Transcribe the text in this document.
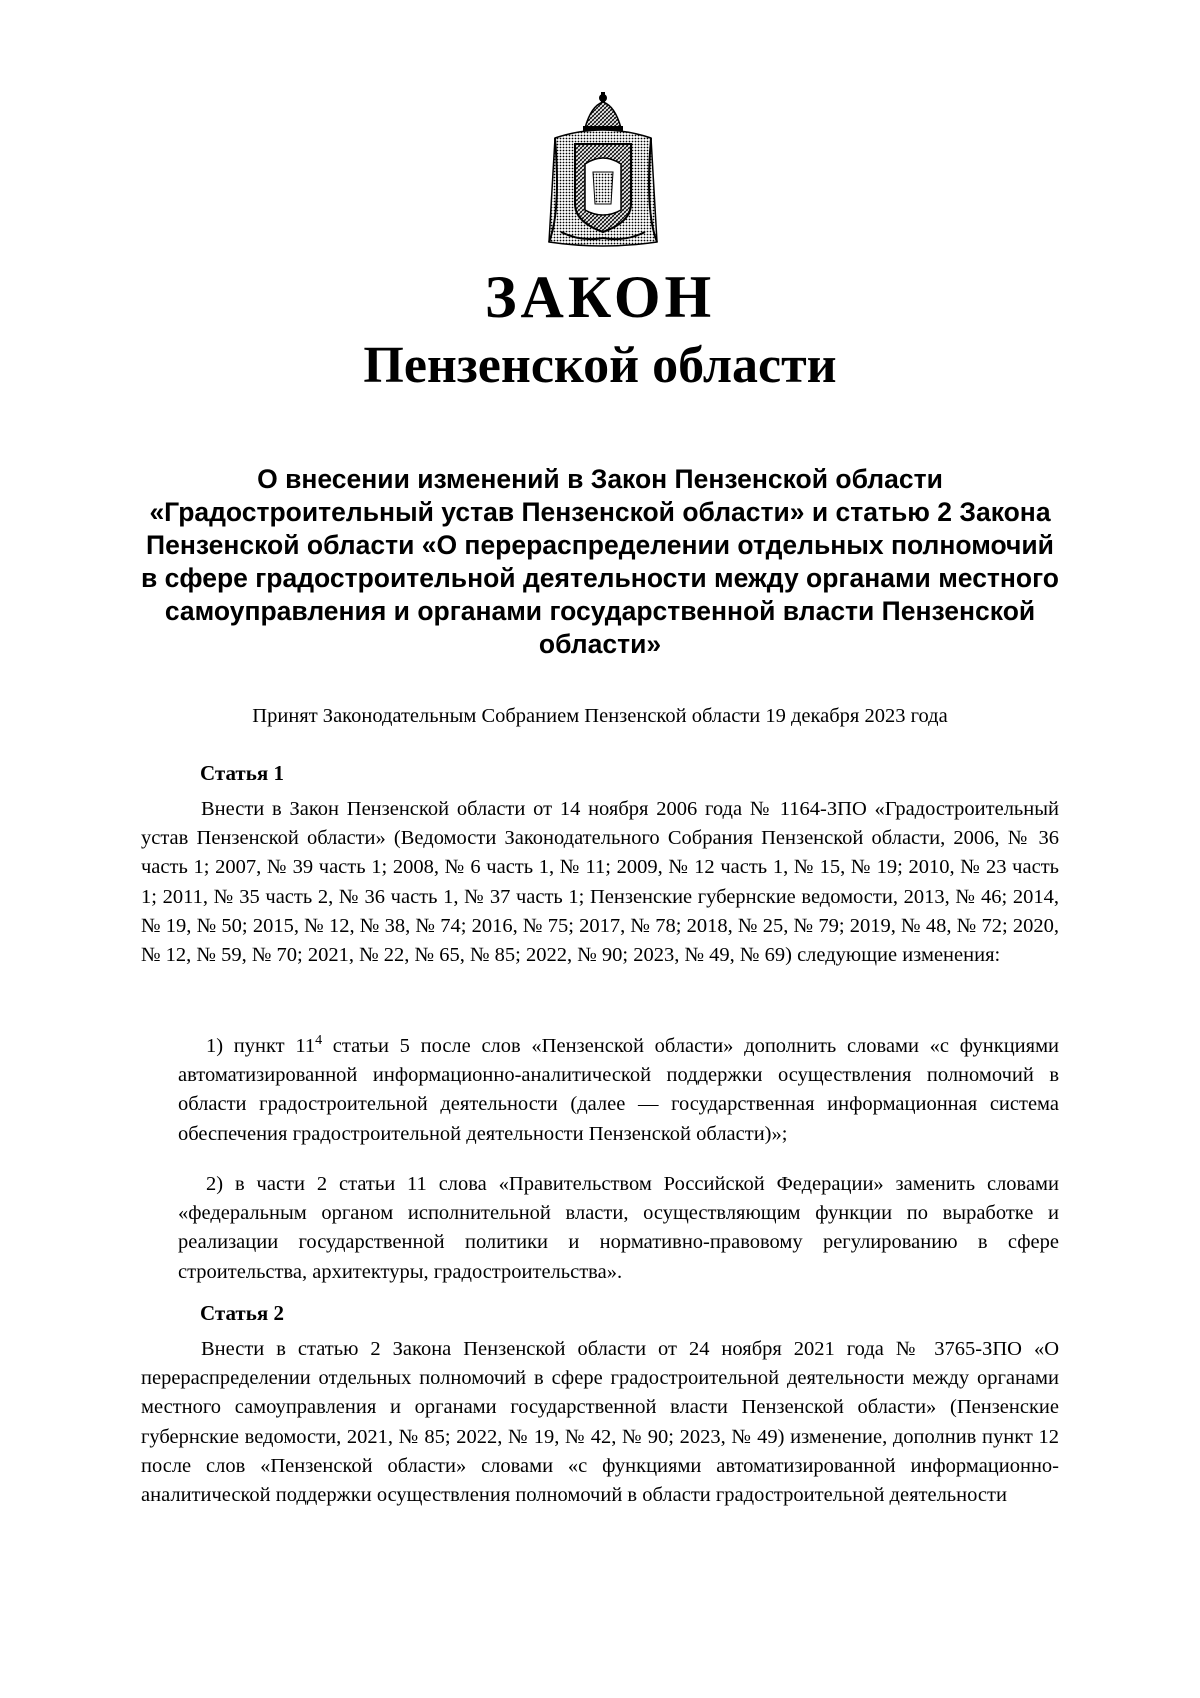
ЗАКОН
Пензенской области
О внесении изменений в Закон Пензенской области «Градостроительный устав Пензенской области» и статью 2 Закона Пензенской области «О перераспределении отдельных полномочий в сфере градостроительной деятельности между органами местного самоуправления и органами государственной власти Пензенской области»
Принят Законодательным Собранием Пензенской области 19 декабря 2023 года
Статья 1

Внести в Закон Пензенской области от 14 ноября 2006 года № 1164-ЗПО «Градостроительный устав Пензенской области» (Ведомости Законодательного Собрания Пензенской области, 2006, № 36 часть 1; 2007, № 39 часть 1; 2008, № 6 часть 1, № 11; 2009, № 12 часть 1, № 15, № 19; 2010, № 23 часть 1; 2011, № 35 часть 2, № 36 часть 1, № 37 часть 1; Пензенские губернские ведомости, 2013, № 46; 2014, № 19, № 50; 2015, № 12, № 38, № 74; 2016, № 75; 2017, № 78; 2018, № 25, № 79; 2019, № 48, № 72; 2020, № 12, № 59, № 70; 2021, № 22, № 65, № 85; 2022, № 90; 2023, № 49, № 69) следующие изменения:

1) пункт $11^4$ статьи 5 после слов «Пензенской области» дополнить словами «с функциями автоматизированной информационно-аналитической поддержки осуществления полномочий в области градостроительной деятельности (далее — государственная информационная система обеспечения градостроительной деятельности Пензенской области)»;

2) в части 2 статьи 11 слова «Правительством Российской Федерации» заменить словами «федеральным органом исполнительной власти, осуществляющим функции по выработке и реализации государственной политики и нормативно-правовому регулированию в сфере строительства, архитектуры, градостроительства».

Статья 2

Внести в статью 2 Закона Пензенской области от 24 ноября 2021 года № 3765-ЗПО «О перераспределении отдельных полномочий в сфере градостроительной деятельности между органами местного самоуправления и органами государственной власти Пензенской области» (Пензенские губернские ведомости, 2021, № 85; 2022, № 19, № 42, № 90; 2023, № 49) изменение, дополнив пункт 12 после слов «Пензенской области» словами «с функциями автоматизированной информационно-аналитической поддержки осуществления полномочий в области градостроительной деятельности
